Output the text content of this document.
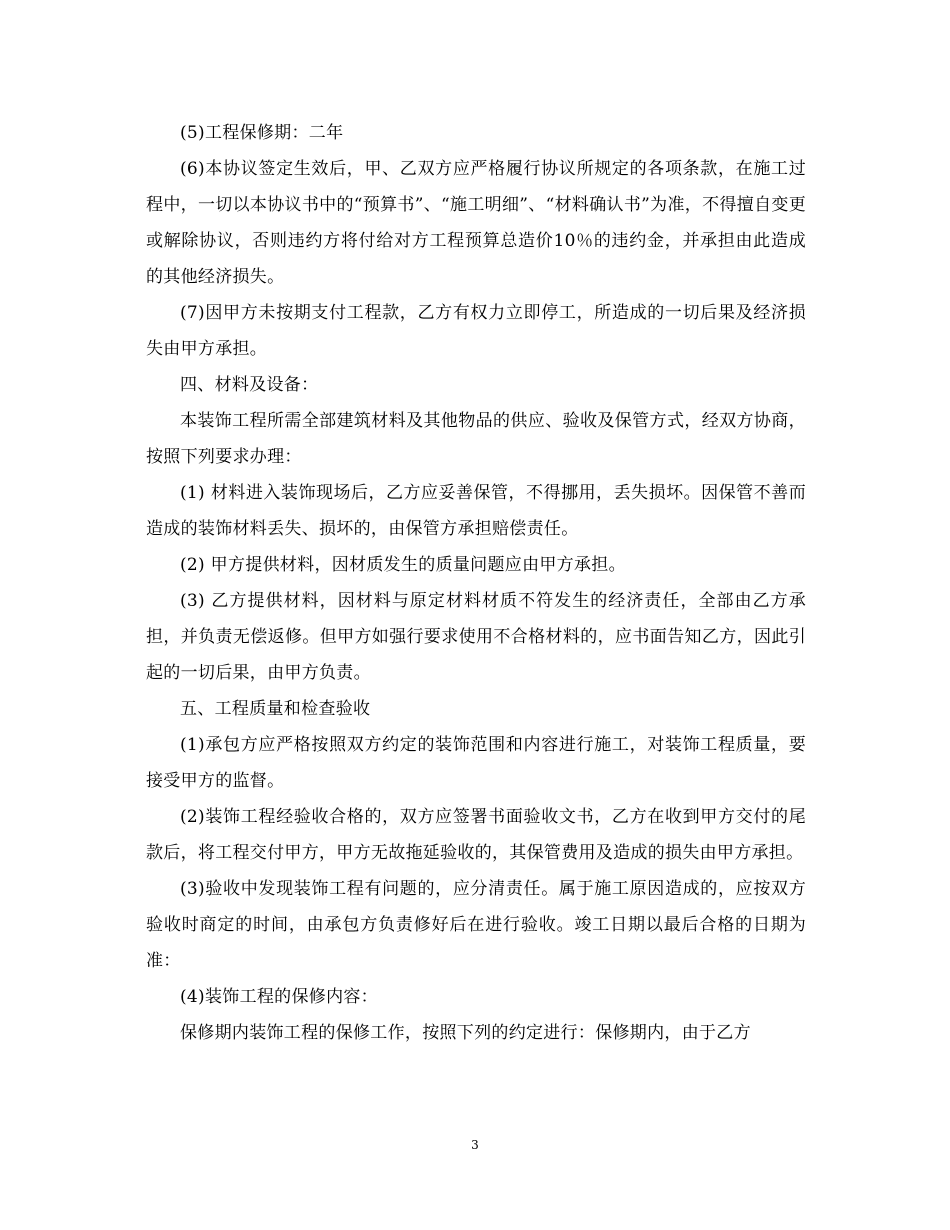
(5)工程保修期：二年

(6)本协议签定生效后，甲、乙双方应严格履行协议所规定的各项条款，在施工过程中，一切以本协议书中的“预算书”、“施工明细”、“材料确认书”为准，不得擅自变更或解除协议，否则违约方将付给对方工程预算总造价10％的违约金，并承担由此造成的其他经济损失。

(7)因甲方未按期支付工程款，乙方有权力立即停工，所造成的一切后果及经济损失由甲方承担。

四、材料及设备：

本装饰工程所需全部建筑材料及其他物品的供应、验收及保管方式，经双方协商，按照下列要求办理：

(1) 材料进入装饰现场后，乙方应妥善保管，不得挪用，丢失损坏。因保管不善而造成的装饰材料丢失、损坏的，由保管方承担赔偿责任。

(2) 甲方提供材料，因材质发生的质量问题应由甲方承担。

(3) 乙方提供材料，因材料与原定材料材质不符发生的经济责任，全部由乙方承担，并负责无偿返修。但甲方如强行要求使用不合格材料的，应书面告知乙方，因此引起的一切后果，由甲方负责。

五、工程质量和检查验收

(1)承包方应严格按照双方约定的装饰范围和内容进行施工，对装饰工程质量，要接受甲方的监督。

(2)装饰工程经验收合格的，双方应签署书面验收文书，乙方在收到甲方交付的尾款后，将工程交付甲方，甲方无故拖延验收的，其保管费用及造成的损失由甲方承担。

(3)验收中发现装饰工程有问题的，应分清责任。属于施工原因造成的，应按双方验收时商定的时间，由承包方负责修好后在进行验收。竣工日期以最后合格的日期为准：

(4)装饰工程的保修内容：

保修期内装饰工程的保修工作，按照下列的约定进行：保修期内，由于乙方

3
